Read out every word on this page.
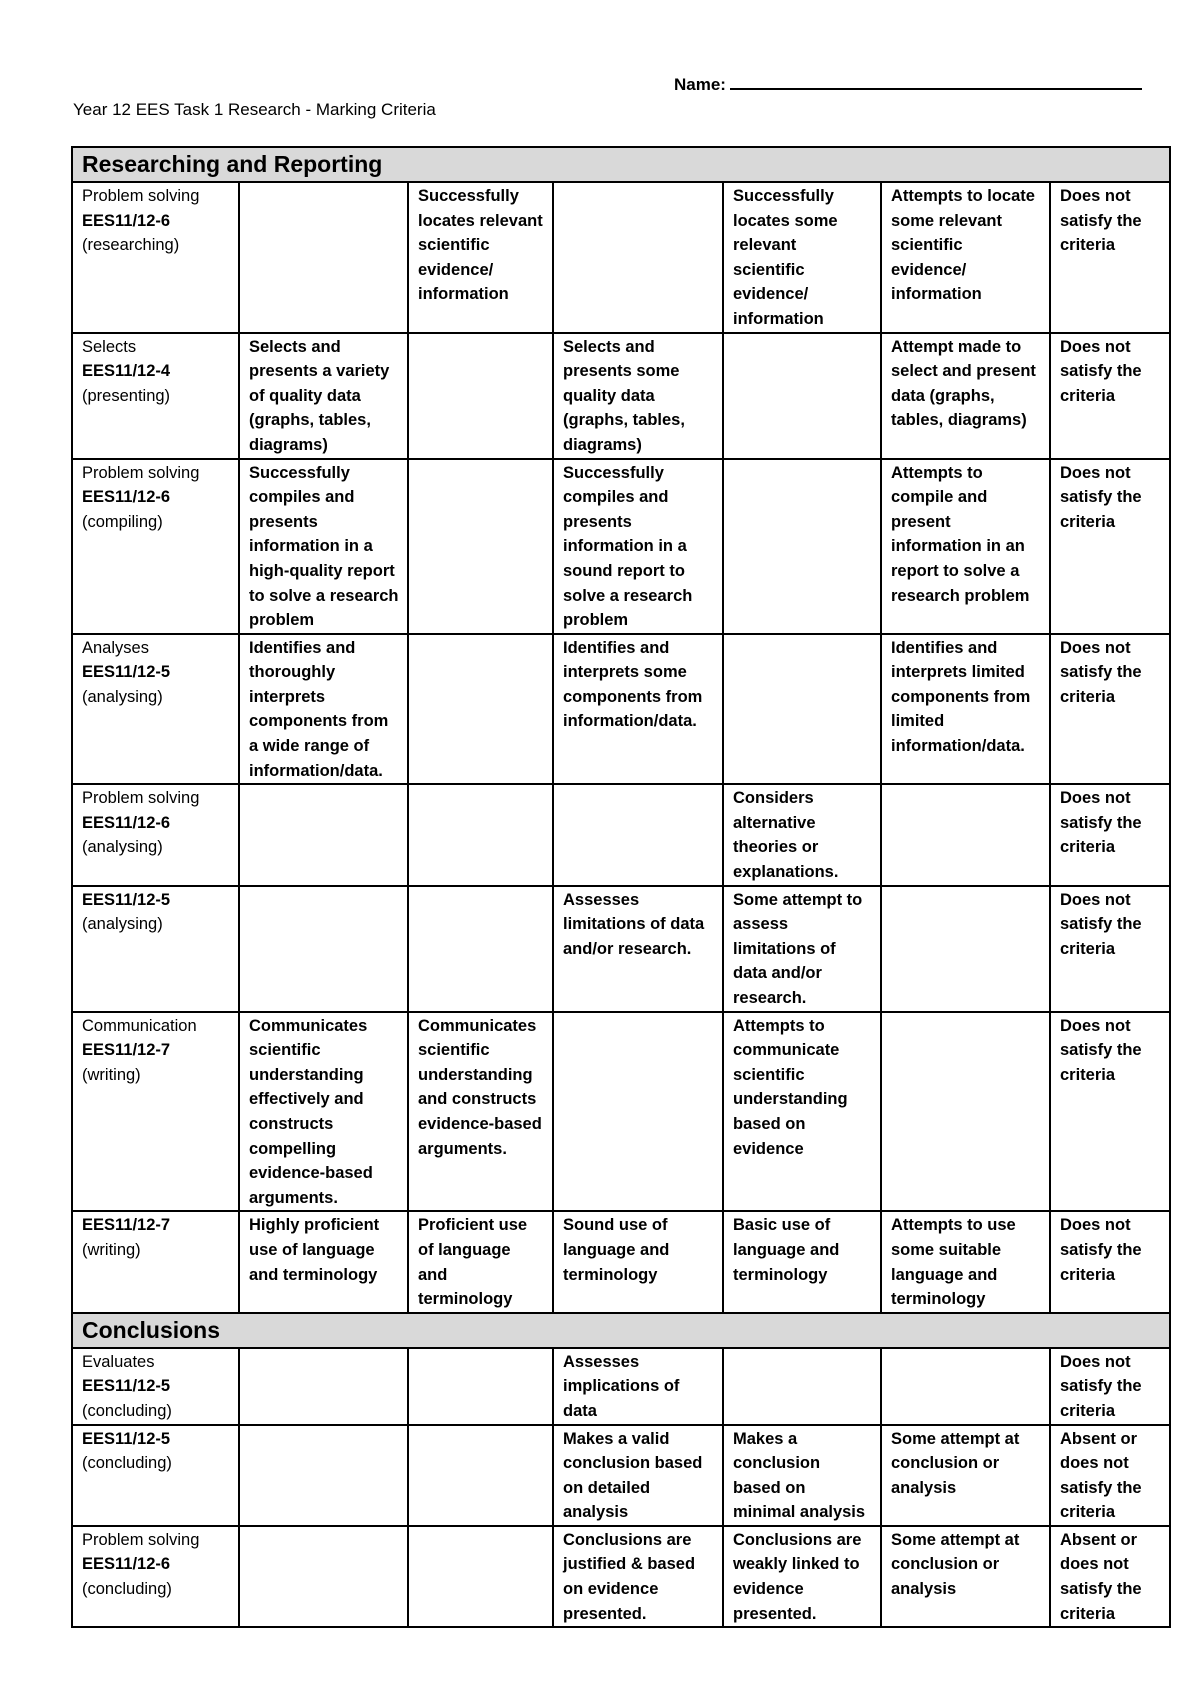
Name:
Year 12 EES Task 1 Research - Marking Criteria
Researching and Reporting						

Problem solving
EES11/12-6
(researching)		Successfully locates relevant scientific evidence/ information		Successfully locates some relevant scientific evidence/ information	Attempts to locate some relevant scientific evidence/ information	Does not satisfy the criteria

Selects
EES11/12-4
(presenting)	Selects and presents a variety of quality data (graphs, tables, diagrams)		Selects and presents some quality data (graphs, tables, diagrams)		Attempt made to select and present data (graphs, tables, diagrams)	Does not satisfy the criteria

Problem solving
EES11/12-6
(compiling)	Successfully compiles and presents information in a high-quality report to solve a research problem		Successfully compiles and presents information in a sound report to solve a research problem		Attempts to compile and present information in an report to solve a research problem	Does not satisfy the criteria

Analyses
EES11/12-5
(analysing)	Identifies and thoroughly interprets components from a wide range of information/data.		Identifies and interprets some components from information/data.		Identifies and interprets limited components from limited information/data.	Does not satisfy the criteria

Problem solving
EES11/12-6
(analysing)				Considers alternative theories or explanations.		Does not satisfy the criteria

EES11/12-5
(analysing)			Assesses limitations of data and/or research.	Some attempt to assess limitations of data and/or research.		Does not satisfy the criteria

Communication
EES11/12-7
(writing)	Communicates scientific understanding effectively and constructs compelling evidence-based arguments.	Communicates scientific understanding and constructs evidence-based arguments.		Attempts to communicate scientific understanding based on evidence		Does not satisfy the criteria

EES11/12-7
(writing)	Highly proficient use of language and terminology	Proficient use of language and terminology	Sound use of language and terminology	Basic use of language and terminology	Attempts to use some suitable language and terminology	Does not satisfy the criteria
Conclusions						

Evaluates
EES11/12-5
(concluding)			Assesses implications of data			Does not satisfy the criteria

EES11/12-5
(concluding)			Makes a valid conclusion based on detailed analysis	Makes a conclusion based on minimal analysis	Some attempt at conclusion or analysis	Absent or does not satisfy the criteria

Problem solving
EES11/12-6
(concluding)			Conclusions are justified & based on evidence presented.	Conclusions are weakly linked to evidence presented.	Some attempt at conclusion or analysis	Absent or does not satisfy the criteria
